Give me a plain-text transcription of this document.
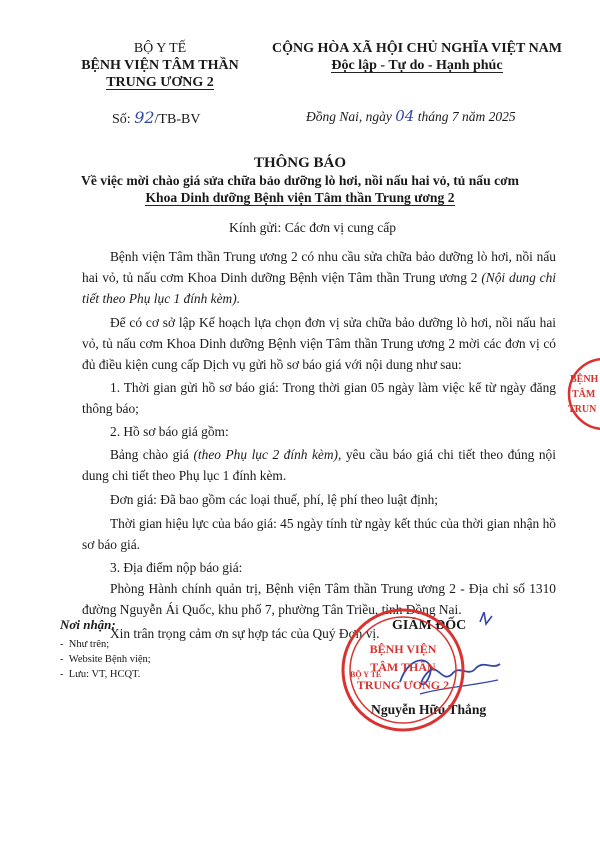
BỘ Y TẾ
BỆNH VIỆN TÂM THẦN
TRUNG ƯƠNG 2
Số: 92/TB-BV
CỘNG HÒA XÃ HỘI CHỦ NGHĨA VIỆT NAM
Độc lập - Tự do - Hạnh phúc
Đồng Nai, ngày 04 tháng 7 năm 2025
THÔNG BÁO
Về việc mời chào giá sửa chữa bảo dưỡng lò hơi, nồi nấu hai vỏ, tủ nấu cơm
Khoa Dinh dưỡng Bệnh viện Tâm thần Trung ương 2
Kính gửi: Các đơn vị cung cấp

Bệnh viện Tâm thần Trung ương 2 có nhu cầu sửa chữa bảo dưỡng lò hơi, nồi nấu hai vỏ, tủ nấu cơm Khoa Dinh dưỡng Bệnh viện Tâm thần Trung ương 2 (Nội dung chi tiết theo Phụ lục 1 đính kèm).

Để có cơ sở lập Kế hoạch lựa chọn đơn vị sửa chữa bảo dưỡng lò hơi, nồi nấu hai vỏ, tủ nấu cơm Khoa Dinh dưỡng Bệnh viện Tâm thần Trung ương 2 mời các đơn vị có đủ điều kiện cung cấp Dịch vụ gửi hồ sơ báo giá với nội dung như sau:

1. Thời gian gửi hồ sơ báo giá: Trong thời gian 05 ngày làm việc kể từ ngày đăng thông báo;

2. Hồ sơ báo giá gồm:

Bảng chào giá (theo Phụ lục 2 đính kèm), yêu cầu báo giá chi tiết theo đúng nội dung chi tiết theo Phụ lục 1 đính kèm.

Đơn giá: Đã bao gồm các loại thuế, phí, lệ phí theo luật định;

Thời gian hiệu lực của báo giá: 45 ngày tính từ ngày kết thúc của thời gian nhận hồ sơ báo giá.

3. Địa điểm nộp báo giá:

Phòng Hành chính quản trị, Bệnh viện Tâm thần Trung ương 2 - Địa chỉ số 1310 đường Nguyễn Ái Quốc, khu phố 7, phường Tân Triều, tỉnh Đồng Nai.

Xin trân trọng cảm ơn sự hợp tác của Quý Đơn vị.

Nơi nhận:
-  Như trên;
-  Website Bệnh viện;
-  Lưu: VT, HCQT.
GIÁM ĐỐC
Nguyễn Hữu Thắng
BỘ Y TẾ
BỆNH VIỆN
TÂM THẦN
TRUNG ƯƠNG 2
BỆNH
TÂM
TRUN
